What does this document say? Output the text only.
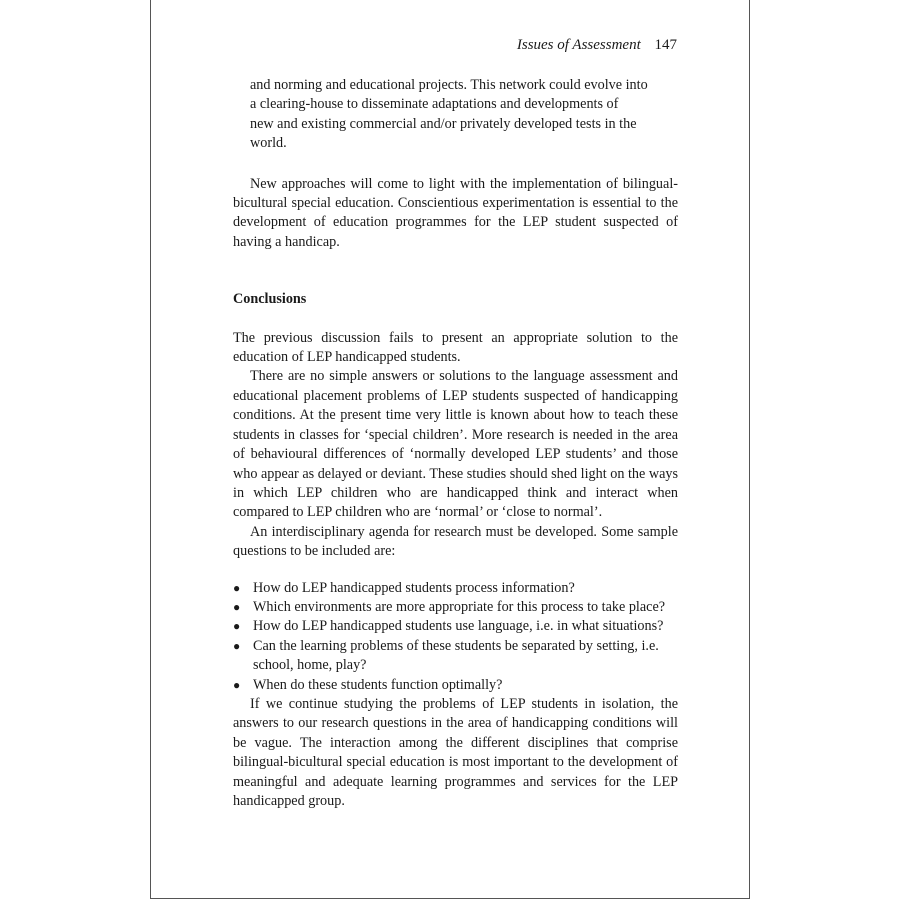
Issues of Assessment 147

and norming and educational projects. This network could evolve into
a clearing-house to disseminate adaptations and developments of
new and existing commercial and/or privately developed tests in the
world.

New approaches will come to light with the implementation of bilingual-bicultural special education. Conscientious experimentation is essential to the development of education programmes for the LEP student suspected of having a handicap.

Conclusions

The previous discussion fails to present an appropriate solution to the education of LEP handicapped students.

There are no simple answers or solutions to the language assessment and educational placement problems of LEP students suspected of handicapping conditions. At the present time very little is known about how to teach these students in classes for ‘special children’. More research is needed in the area of behavioural differences of ‘normally developed LEP students’ and those who appear as delayed or deviant. These studies should shed light on the ways in which LEP children who are handicapped think and interact when compared to LEP children who are ‘normal’ or ‘close to normal’.

An interdisciplinary agenda for research must be developed. Some sample questions to be included are:

● How do LEP handicapped students process information?
● Which environments are more appropriate for this process to take place?
● How do LEP handicapped students use language, i.e. in what situations?
● Can the learning problems of these students be separated by setting, i.e. school, home, play?
● When do these students function optimally?

If we continue studying the problems of LEP students in isolation, the answers to our research questions in the area of handicapping conditions will be vague. The interaction among the different disciplines that comprise bilingual-bicultural special education is most important to the development of meaningful and adequate learning programmes and services for the LEP handicapped group.
